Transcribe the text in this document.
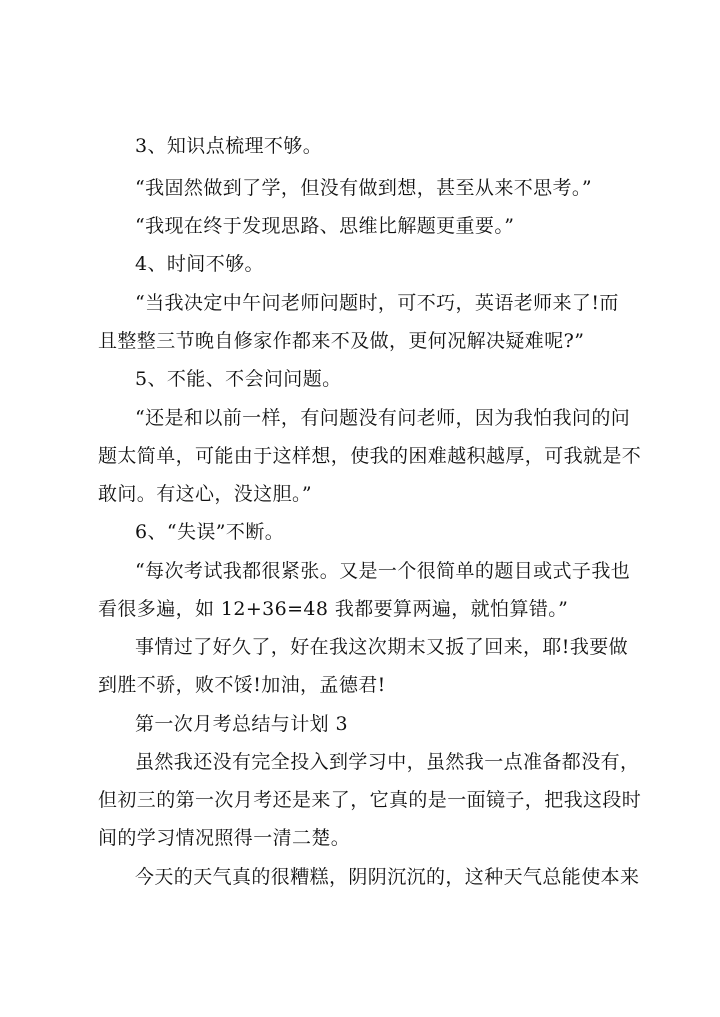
3、知识点梳理不够。
“我固然做到了学，但没有做到想，甚至从来不思考。”
“我现在终于发现思路、思维比解题更重要。”
4、时间不够。
“当我决定中午问老师问题时，可不巧，英语老师来了!而
且整整三节晚自修家作都来不及做，更何况解决疑难呢?”
5、不能、不会问问题。
“还是和以前一样，有问题没有问老师，因为我怕我问的问
题太简单，可能由于这样想，使我的困难越积越厚，可我就是不
敢问。有这心，没这胆。”
6、“失误”不断。
“每次考试我都很紧张。又是一个很简单的题目或式子我也
看很多遍，如 12+36=48 我都要算两遍，就怕算错。”
事情过了好久了，好在我这次期末又扳了回来，耶!我要做
到胜不骄，败不馁!加油，孟德君!
第一次月考总结与计划 3
虽然我还没有完全投入到学习中，虽然我一点准备都没有，
但初三的第一次月考还是来了，它真的是一面镜子，把我这段时
间的学习情况照得一清二楚。
今天的天气真的很糟糕，阴阴沉沉的，这种天气总能使本来
